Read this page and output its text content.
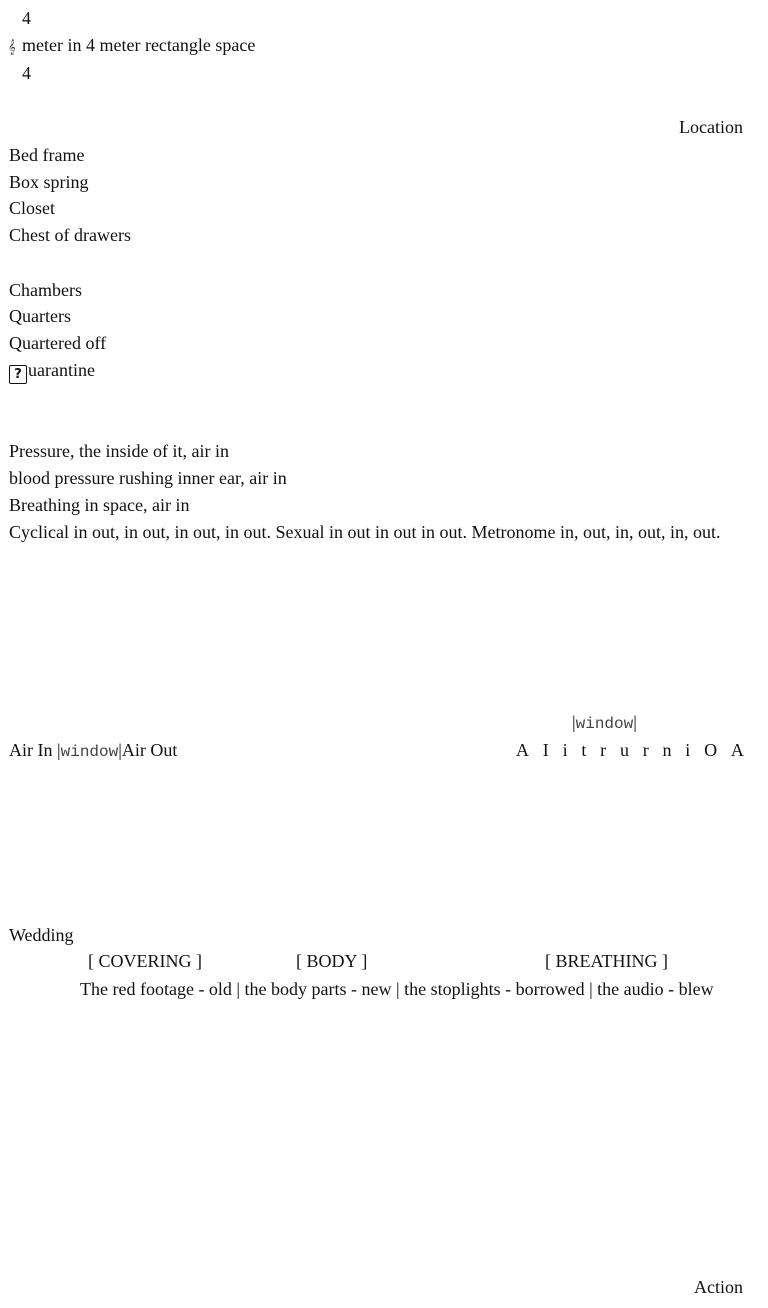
4
𝄞 meter in 4 meter rectangle space
4
Location
Bed frame
Box spring
Closet
Chest of drawers
Chambers
Quarters
Quartered off
? uarantine
Pressure, the inside of it, air in
blood pressure rushing inner ear, air in
Breathing in space, air in
Cyclical in out, in out, in out, in out. Sexual in out in out in out. Metronome in, out, in, out, in, out.
|window|
Air In |window|Air Out	A I i t r u r n i O A
Wedding
[ COVERING ]	[ BODY ]	[ BREATHING ]
The red footage - old | the body parts - new | the stoplights - borrowed | the audio - blew
Action
